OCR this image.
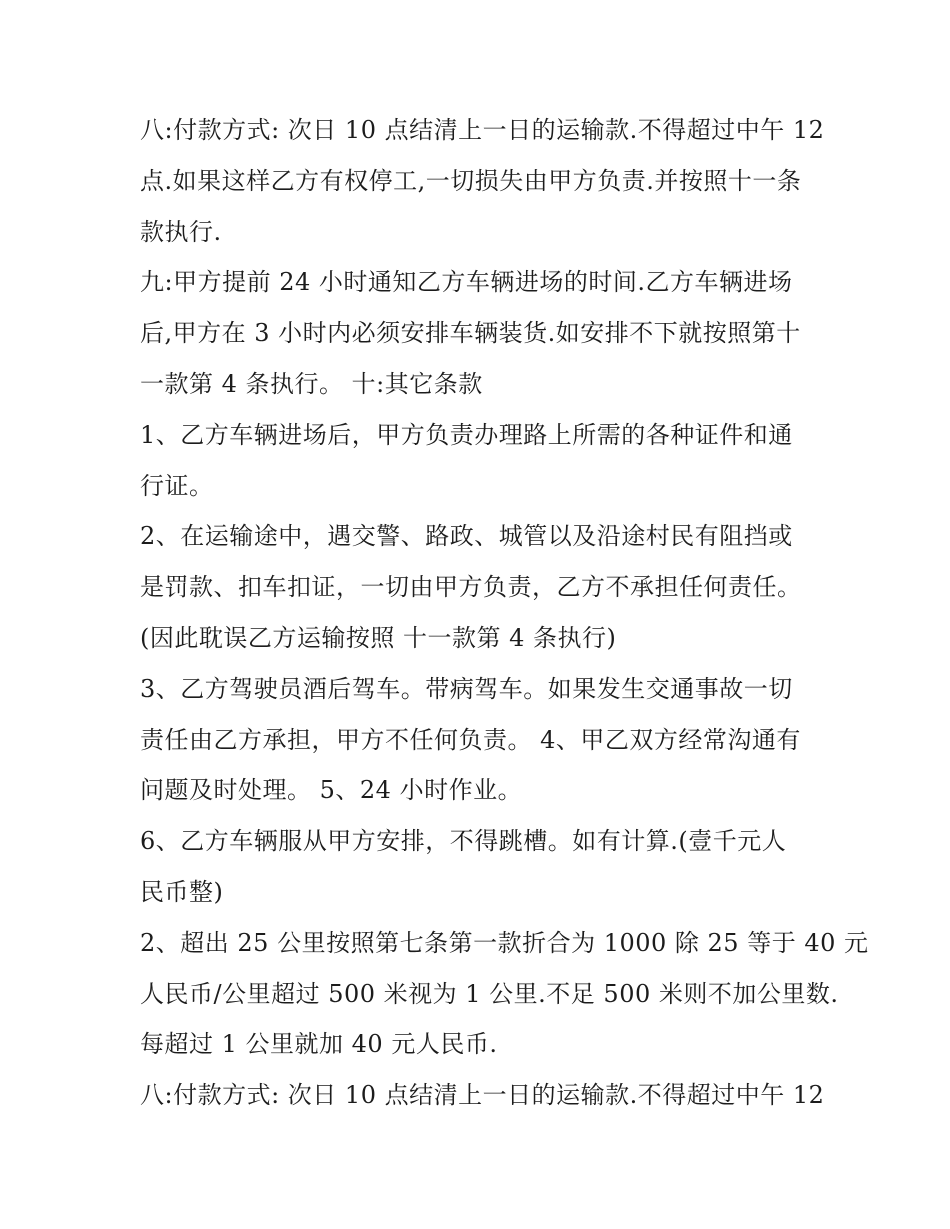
八:付款方式: 次日 10 点结清上一日的运输款.不得超过中午 12
点.如果这样乙方有权停工,一切损失由甲方负责.并按照十一条
款执行.
九:甲方提前 24 小时通知乙方车辆进场的时间.乙方车辆进场
后,甲方在 3 小时内必须安排车辆装货.如安排不下就按照第十
一款第 4 条执行。 十:其它条款
1、乙方车辆进场后，甲方负责办理路上所需的各种证件和通
行证。
2、在运输途中，遇交警、路政、城管以及沿途村民有阻挡或
是罚款、扣车扣证，一切由甲方负责，乙方不承担任何责任。
(因此耽误乙方运输按照 十一款第 4 条执行)
3、乙方驾驶员酒后驾车。带病驾车。如果发生交通事故一切
责任由乙方承担，甲方不任何负责。 4、甲乙双方经常沟通有
问题及时处理。 5、24 小时作业。
6、乙方车辆服从甲方安排，不得跳槽。如有计算.(壹千元人
民币整)
2、超出 25 公里按照第七条第一款折合为 1000 除 25 等于 40 元
人民币/公里超过 500 米视为 1 公里.不足 500 米则不加公里数.
每超过 1 公里就加 40 元人民币.
八:付款方式: 次日 10 点结清上一日的运输款.不得超过中午 12
